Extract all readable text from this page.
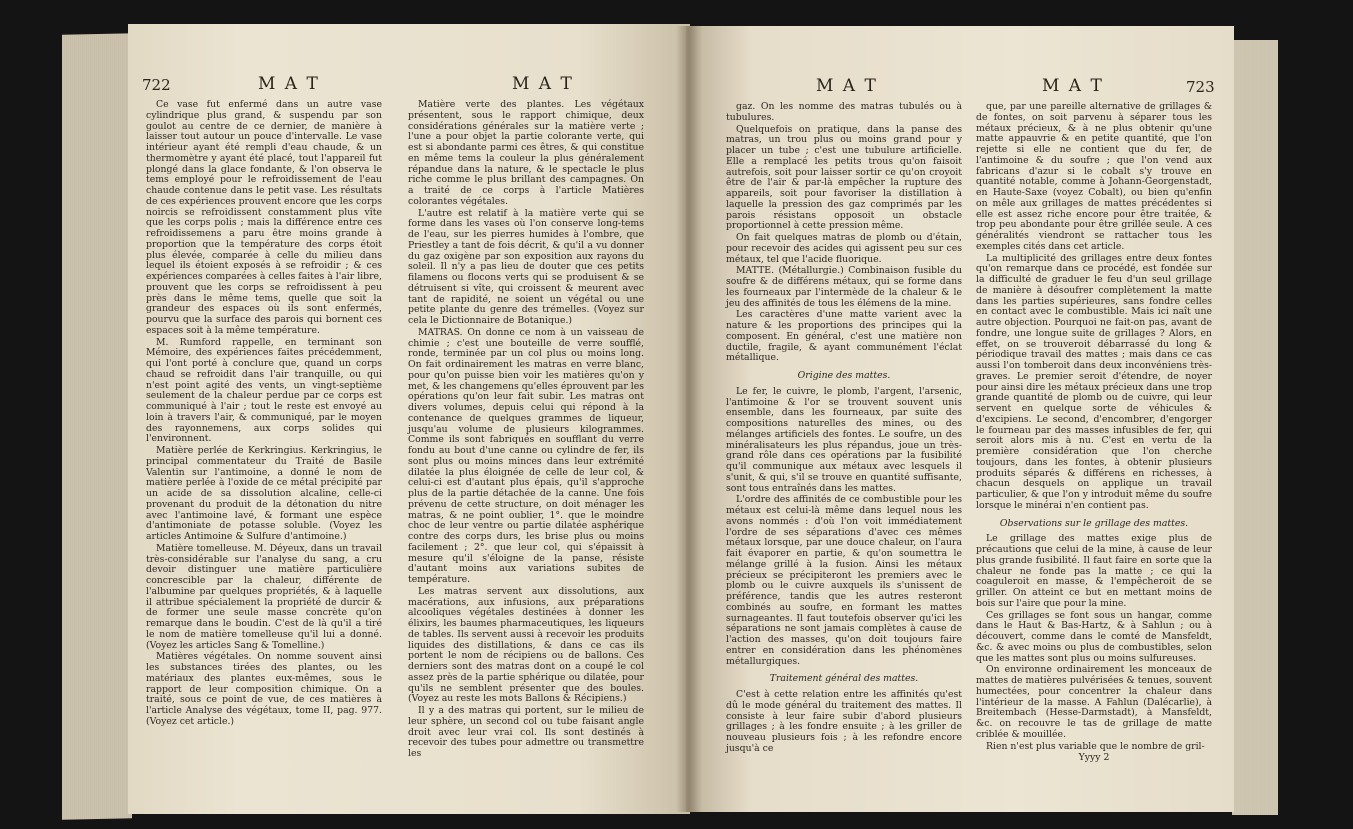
722	M A T	M A T

Ce vase fut enfermé dans un autre vase cylindrique plus grand, & suspendu par son goulot au centre de ce dernier, de manière à laisser tout autour un pouce d'intervalle. Le vase intérieur ayant été rempli d'eau chaude, & un thermomètre y ayant été placé, tout l'appareil fut plongé dans la glace fondante, & l'on observa le tems employé pour le refroidissement de l'eau chaude contenue dans le petit vase. Les résultats de ces expériences prouvent encore que les corps noircis se refroidissent constamment plus vîte que les corps polis ; mais la différence entre ces refroidissemens a paru être moins grande à proportion que la température des corps étoit plus élevée, comparée à celle du milieu dans lequel ils étoient exposés à se refroidir ; & ces expériences comparées à celles faites à l'air libre, prouvent que les corps se refroidissent à peu près dans le même tems, quelle que soit la grandeur des espaces où ils sont enfermés, pourvu que la surface des parois qui bornent ces espaces soit à la même température.

M. Rumford rappelle, en terminant son Mémoire, des expériences faites précédemment, qui l'ont porté à conclure que, quand un corps chaud se refroidit dans l'air tranquille, ou qui n'est point agité des vents, un vingt-septième seulement de la chaleur perdue par ce corps est communiqué à l'air ; tout le reste est envoyé au loin à travers l'air, & communiqué, par le moyen des rayonnemens, aux corps solides qui l'environnent.

Matière perlée de Kerkringius. Kerkringius, le principal commentateur du Traité de Basile Valentin sur l'antimoine, a donné le nom de matière perlée à l'oxide de ce métal précipité par un acide de sa dissolution alcaline, celle-ci provenant du produit de la détonation du nitre avec l'antimoine lavé, & formant une espèce d'antimoniate de potasse soluble. (Voyez les articles Antimoine & Sulfure d'antimoine.)

Matière tomelleuse. M. Déyeux, dans un travail très-considérable sur l'analyse du sang, a cru devoir distinguer une matière particulière concrescible par la chaleur, différente de l'albumine par quelques propriétés, & à laquelle il attribue spécialement la propriété de durcir & de former une seule masse concrète qu'on remarque dans le boudin. C'est de là qu'il a tiré le nom de matière tomelleuse qu'il lui a donné. (Voyez les articles Sang & Tomelline.)

Matières végétales. On nomme souvent ainsi les substances tirées des plantes, ou les matériaux des plantes eux-mêmes, sous le rapport de leur composition chimique. On a traité, sous ce point de vue, de ces matières à l'article Analyse des végétaux, tome II, pag. 977. (Voyez cet article.)

Matière verte des plantes. Les végétaux présentent, sous le rapport chimique, deux considérations générales sur la matière verte ; l'une a pour objet la partie colorante verte, qui est si abondante parmi ces êtres, & qui constitue en même tems la couleur la plus généralement répandue dans la nature, & le spectacle le plus riche comme le plus brillant des campagnes. On a traité de ce corps à l'article Matières colorantes végétales.

L'autre est relatif à la matière verte qui se forme dans les vases où l'on conserve long-tems de l'eau, sur les pierres humides à l'ombre, que Priestley a tant de fois décrit, & qu'il a vu donner du gaz oxigène par son exposition aux rayons du soleil. Il n'y a pas lieu de douter que ces petits filamens ou flocons verts qui se produisent & se détruisent si vîte, qui croissent & meurent avec tant de rapidité, ne soient un végétal ou une petite plante du genre des trémelles. (Voyez sur cela le Dictionnaire de Botanique.)

MATRAS. On donne ce nom à un vaisseau de chimie ; c'est une bouteille de verre soufflé, ronde, terminée par un col plus ou moins long. On fait ordinairement les matras en verre blanc, pour qu'on puisse bien voir les matières qu'on y met, & les changemens qu'elles éprouvent par les opérations qu'on leur fait subir. Les matras ont divers volumes, depuis celui qui répond à la contenance de quelques grammes de liqueur, jusqu'au volume de plusieurs kilogrammes. Comme ils sont fabriqués en soufflant du verre fondu au bout d'une canne ou cylindre de fer, ils sont plus ou moins minces dans leur extrémité dilatée la plus éloignée de celle de leur col, & celui-ci est d'autant plus épais, qu'il s'approche plus de la partie détachée de la canne. Une fois prévenu de cette structure, on doit ménager les matras, & ne point oublier, 1°. que le moindre choc de leur ventre ou partie dilatée asphérique contre des corps durs, les brise plus ou moins facilement ; 2°. que leur col, qui s'épaissit à mesure qu'il s'éloigne de la panse, résiste d'autant moins aux variations subites de température.

Les matras servent aux dissolutions, aux macérations, aux infusions, aux préparations alcooliques végétales destinées à donner les élixirs, les baumes pharmaceutiques, les liqueurs de tables. Ils servent aussi à recevoir les produits liquides des distillations, & dans ce cas ils portent le nom de récipiens ou de ballons. Ces derniers sont des matras dont on a coupé le col assez près de la partie sphérique ou dilatée, pour qu'ils ne semblent présenter que des boules. (Voyez au reste les mots Ballons & Récipiens.)

Il y a des matras qui portent, sur le milieu de leur sphère, un second col ou tube faisant angle droit avec leur vrai col. Ils sont destinés à recevoir des tubes pour admettre ou transmettre les

M A T	M A T	723

gaz. On les nomme des matras tubulés ou à tubulures.

Quelquefois on pratique, dans la panse des matras, un trou plus ou moins grand pour y placer un tube ; c'est une tubulure artificielle. Elle a remplacé les petits trous qu'on faisoit autrefois, soit pour laisser sortir ce qu'on croyoit être de l'air & par-là empêcher la rupture des appareils, soit pour favoriser la distillation à laquelle la pression des gaz comprimés par les parois résistans opposoit un obstacle proportionnel à cette pression même.

On fait quelques matras de plomb ou d'étain, pour recevoir des acides qui agissent peu sur ces métaux, tel que l'acide fluorique.

MATTE. (Métallurgie.) Combinaison fusible du soufre & de différens métaux, qui se forme dans les fourneaux par l'intermède de la chaleur & le jeu des affinités de tous les élémens de la mine.

Les caractères d'une matte varient avec la nature & les proportions des principes qui la composent. En général, c'est une matière non ductile, fragile, & ayant communément l'éclat métallique.

Origine des mattes.

Le fer, le cuivre, le plomb, l'argent, l'arsenic, l'antimoine & l'or se trouvent souvent unis ensemble, dans les fourneaux, par suite des compositions naturelles des mines, ou des mélanges artificiels des fontes. Le soufre, un des minéralisateurs les plus répandus, joue un très-grand rôle dans ces opérations par la fusibilité qu'il communique aux métaux avec lesquels il s'unit, & qui, s'il se trouve en quantité suffisante, sont tous entraînés dans les mattes.

L'ordre des affinités de ce combustible pour les métaux est celui-là même dans lequel nous les avons nommés : d'où l'on voit immédiatement l'ordre de ses séparations d'avec ces mêmes métaux lorsque, par une douce chaleur, on l'aura fait évaporer en partie, & qu'on soumettra le mélange grillé à la fusion. Ainsi les métaux précieux se précipiteront les premiers avec le plomb ou le cuivre auxquels ils s'unissent de préférence, tandis que les autres resteront combinés au soufre, en formant les mattes surnageantes. Il faut toutefois observer qu'ici les séparations ne sont jamais complètes à cause de l'action des masses, qu'on doit toujours faire entrer en considération dans les phénomènes métallurgiques.

Traitement général des mattes.

C'est à cette relation entre les affinités qu'est dû le mode général du traitement des mattes. Il consiste à leur faire subir d'abord plusieurs grillages ; à les fondre ensuite ; à les griller de nouveau plusieurs fois ; à les refondre encore jusqu'à ce

que, par une pareille alternative de grillages & de fontes, on soit parvenu à séparer tous les métaux précieux, & à ne plus obtenir qu'une matte appauvrie & en petite quantité, que l'on rejette si elle ne contient que du fer, de l'antimoine & du soufre ; que l'on vend aux fabricans d'azur si le cobalt s'y trouve en quantité notable, comme à Johann-Georgenstadt, en Haute-Saxe (voyez Cobalt), ou bien qu'enfin on mêle aux grillages de mattes précédentes si elle est assez riche encore pour être traitée, & trop peu abondante pour être grillée seule. A ces généralités viendront se rattacher tous les exemples cités dans cet article.

La multiplicité des grillages entre deux fontes qu'on remarque dans ce procédé, est fondée sur la difficulté de graduer le feu d'un seul grillage de manière à désoufrer complètement la matte dans les parties supérieures, sans fondre celles en contact avec le combustible. Mais ici naît une autre objection. Pourquoi ne fait-on pas, avant de fondre, une longue suite de grillages ? Alors, en effet, on se trouveroit débarrassé du long & périodique travail des mattes ; mais dans ce cas aussi l'on tomberoit dans deux inconvéniens très-graves. Le premier seroit d'étendre, de noyer pour ainsi dire les métaux précieux dans une trop grande quantité de plomb ou de cuivre, qui leur servent en quelque sorte de véhicules & d'excipiens. Le second, d'encombrer, d'engorger le fourneau par des masses infusibles de fer, qui seroit alors mis à nu. C'est en vertu de la première considération que l'on cherche toujours, dans les fontes, à obtenir plusieurs produits séparés & différens en richesses, à chacun desquels on applique un travail particulier, & que l'on y introduit même du soufre lorsque le minérai n'en contient pas.

Observations sur le grillage des mattes.

Le grillage des mattes exige plus de précautions que celui de la mine, à cause de leur plus grande fusibilité. Il faut faire en sorte que la chaleur ne fonde pas la matte ; ce qui la coaguleroit en masse, & l'empêcheroit de se griller. On atteint ce but en mettant moins de bois sur l'aire que pour la mine.

Ces grillages se font sous un hangar, comme dans le Haut & Bas-Hartz, & à Sahlun ; ou à découvert, comme dans le comté de Mansfeldt, &c. & avec moins ou plus de combustibles, selon que les mattes sont plus ou moins sulfureuses.

On environne ordinairement les monceaux de mattes de matières pulvérisées & tenues, souvent humectées, pour concentrer la chaleur dans l'intérieur de la masse. A Fahlun (Dalécarlie), à Breitembach (Hesse-Darmstadt), à Mansfeldt, &c. on recouvre le tas de grillage de matte criblée & mouillée.

Rien n'est plus variable que le nombre de gril-

Yyyy 2
